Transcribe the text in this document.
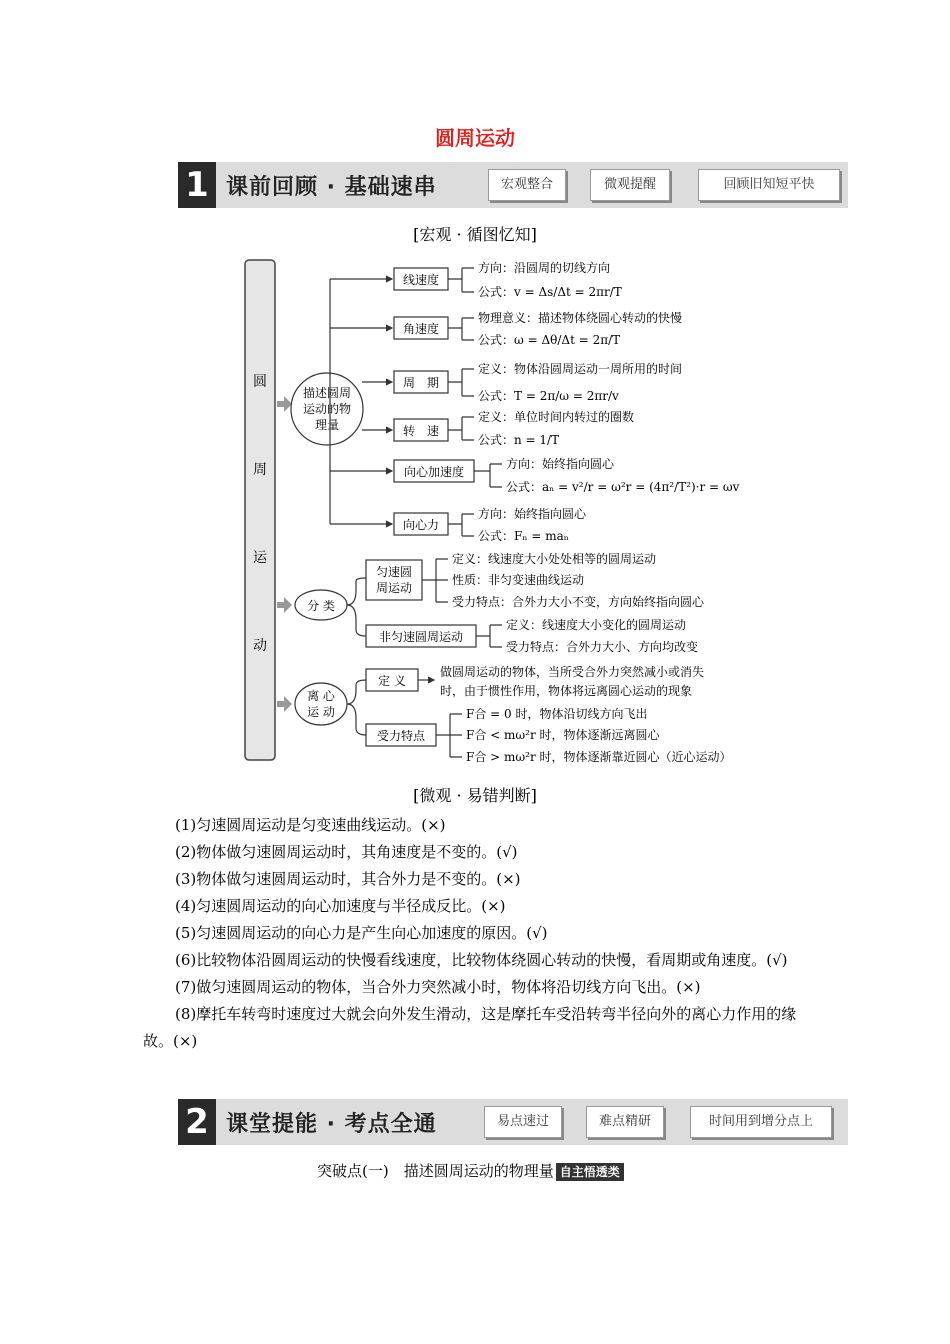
圆周运动
1 课前回顾 · 基础速串	宏观整合	微观提醒	回顾旧知短平快
[宏观 · 循图忆知]
圆
周
运
动
描述圆周
运动的物
理量
线速度
角速度
周　期
转　速
向心加速度
向心力
方向：沿圆周的切线方向
公式：v = Δs/Δt = 2πr/T
物理意义：描述物体绕圆心转动的快慢
公式：ω = Δθ/Δt = 2π/T
定义：物体沿圆周运动一周所用的时间
公式：T = 2π/ω = 2πr/v
定义：单位时间内转过的圈数
公式：n = 1/T
方向：始终指向圆心
公式：aₙ = v²/r = ω²r = (4π²/T²)·r = ωv
方向：始终指向圆心
公式：Fₙ = maₙ
分 类
匀速圆
周运动
定义：线速度大小处处相等的圆周运动
性质：非匀变速曲线运动
受力特点：合外力大小不变，方向始终指向圆心
非匀速圆周运动
定义：线速度大小变化的圆周运动
受力特点：合外力大小、方向均改变
离 心
运 动
定 义
做圆周运动的物体，当所受合外力突然减小或消失
时，由于惯性作用，物体将远离圆心运动的现象
受力特点
F合 = 0 时，物体沿切线方向飞出
F合 < mω²r 时，物体逐渐远离圆心
F合 > mω²r 时，物体逐渐靠近圆心（近心运动）
[微观 · 易错判断]
(1)匀速圆周运动是匀变速曲线运动。(×)
(2)物体做匀速圆周运动时，其角速度是不变的。(√)
(3)物体做匀速圆周运动时，其合外力是不变的。(×)
(4)匀速圆周运动的向心加速度与半径成反比。(×)
(5)匀速圆周运动的向心力是产生向心加速度的原因。(√)
(6)比较物体沿圆周运动的快慢看线速度，比较物体绕圆心转动的快慢，看周期或角速度。(√)
(7)做匀速圆周运动的物体，当合外力突然减小时，物体将沿切线方向飞出。(×)
(8)摩托车转弯时速度过大就会向外发生滑动，这是摩托车受沿转弯半径向外的离心力作用的缘故。(×)
2 课堂提能 · 考点全通	易点速过	难点精研	时间用到增分点上
突破点(一)　描述圆周运动的物理量 自主悟透类
